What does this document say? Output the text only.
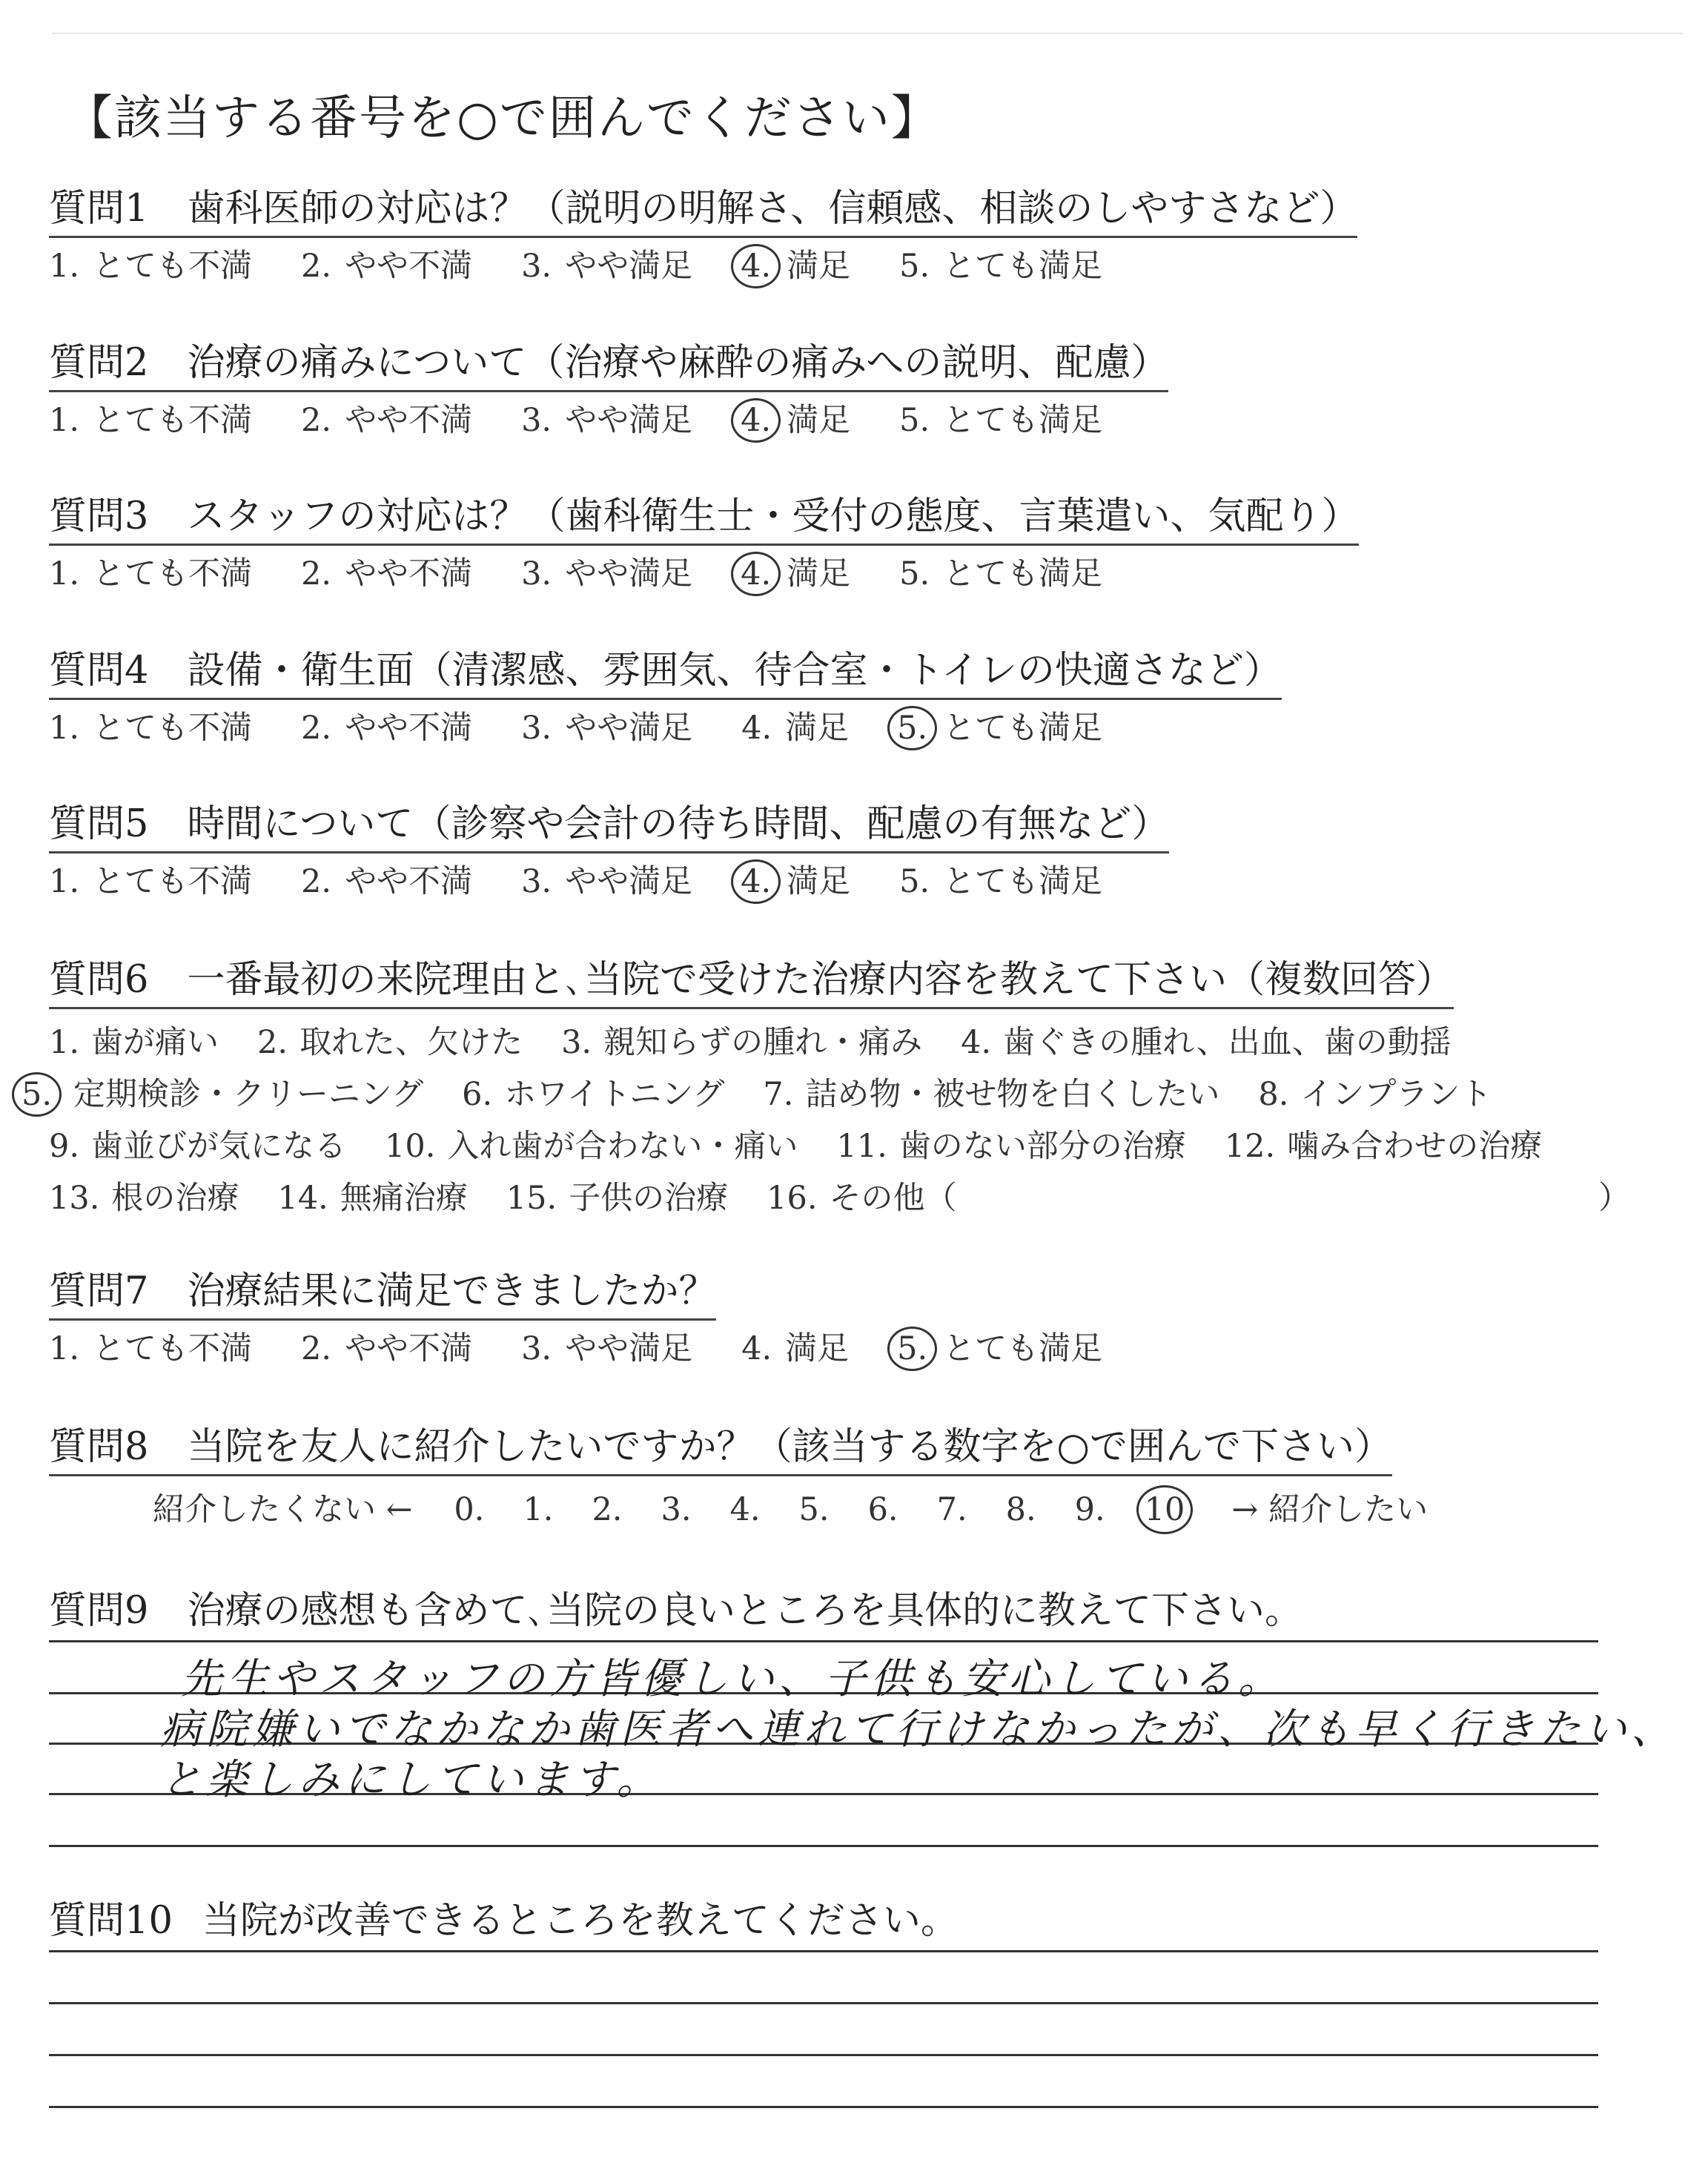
【該当する番号を○で囲んでください】
質問1 歯科医師の対応は？（説明の明解さ、信頼感、相談のしやすさなど）
1. とても不満 2. やや不満 3. やや満足 4. 満足 5. とても満足
質問2 治療の痛みについて（治療や麻酔の痛みへの説明、配慮）
1. とても不満 2. やや不満 3. やや満足 4. 満足 5. とても満足
質問3 スタッフの対応は？（歯科衛生士・受付の態度、言葉遣い、気配り）
1. とても不満 2. やや不満 3. やや満足 4. 満足 5. とても満足
質問4 設備・衛生面（清潔感、雰囲気、待合室・トイレの快適さなど）
1. とても不満 2. やや不満 3. やや満足 4. 満足 5. とても満足
質問5 時間について（診察や会計の待ち時間、配慮の有無など）
1. とても不満 2. やや不満 3. やや満足 4. 満足 5. とても満足
質問6 一番最初の来院理由と､当院で受けた治療内容を教えて下さい（複数回答）
1. 歯が痛い 2. 取れた、欠けた 3. 親知らずの腫れ・痛み 4. 歯ぐきの腫れ、出血、歯の動揺
5. 定期検診・クリーニング 6. ホワイトニング 7. 詰め物・被せ物を白くしたい 8. インプラント
9. 歯並びが気になる 10. 入れ歯が合わない・痛い 11. 歯のない部分の治療 12. 噛み合わせの治療
13. 根の治療 14. 無痛治療 15. 子供の治療 16. その他（	）
質問7 治療結果に満足できましたか？
1. とても不満 2. やや不満 3. やや満足 4. 満足 5. とても満足
質問8 当院を友人に紹介したいですか？（該当する数字を○で囲んで下さい）
紹介したくない ← 0. 1. 2. 3. 4. 5. 6. 7. 8. 9. 10 → 紹介したい
質問9 治療の感想も含めて､当院の良いところを具体的に教えて下さい。
先生やスタッフの方皆優しい、子供も安心している。
病院嫌いでなかなか歯医者へ連れて行けなかったが、次も早く行きたい、
と楽しみにしています。
質問10 当院が改善できるところを教えてください。
